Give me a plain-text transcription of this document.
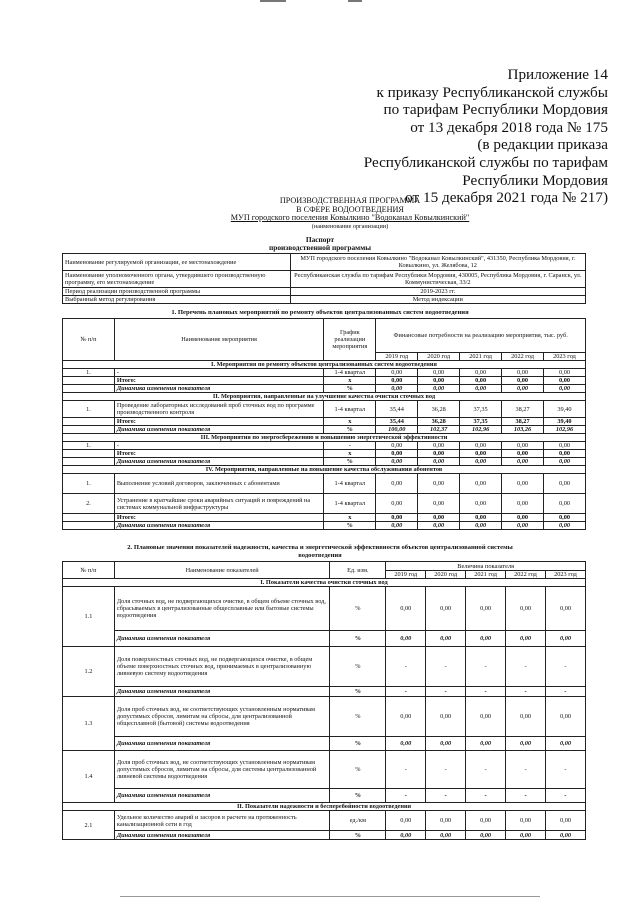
Приложение 14
к приказу Республиканской службы
по тарифам Республики Мордовия
от 13 декабря 2018 года № 175
(в редакции приказа
Республиканской службы по тарифам
Республики Мордовия
от 15 декабря 2021 года № 217)
ПРОИЗВОДСТВЕННАЯ ПРОГРАММА
В СФЕРЕ ВОДООТВЕДЕНИЯ
МУП городского поселения Ковылкино "Водоканал Ковылкинский"
(наименование организации)
Паспорт
производственной программы
Наименование регулируемой организации, ее местонахождение	МУП городского поселения Ковылкино "Водоканал Ковылкинский", 431350, Республика Мордовия, г. Ковылкино, ул. Желябова, 12
Наименование уполномоченного органа, утвердившего производственную программу, его местонахождение	Республиканская служба по тарифам Республики Мордовия, 430005, Республика Мордовия, г. Саранск, ул. Коммунистическая, 33/2
Период реализации производственной программы	2019-2023 гг.
Выбранный метод регулирования	Метод индексации
1. Перечень плановых мероприятий по ремонту объектов централизованных систем водоотведения
№ п/п	Наименование мероприятия	График реализации мероприятия	Финансовые потребности на реализацию мероприятия, тыс. руб.				
			2019 год	2020 год	2021 год	2022 год	2023 год
I. Мероприятия по ремонту объектов централизованных систем водоотведения							
1.	-	1-4 квартал	0,00	0,00	0,00	0,00	0,00
	Итого:	х	0,00	0,00	0,00	0,00	0,00
	Динамика изменения показателя	%	0,00	0,00	0,00	0,00	0,00
II. Мероприятия, направленные на улучшение качества очистки сточных вод							
1.	Проведение лабораторных исследований проб сточных вод по программе производственного контроля	1-4 квартал	35,44	36,28	37,35	38,27	39,40
	Итого:	х	35,44	36,28	37,35	38,27	39,40
	Динамика изменения показателя	%	100,00	102,37	102,96	103,26	102,96
III. Мероприятия по энергосбережению и повышению энергетической эффективности							
1.	-	-	0,00	0,00	0,00	0,00	0,00
	Итого:	х	0,00	0,00	0,00	0,00	0,00
	Динамика изменения показателя	%	0,00	0,00	0,00	0,00	0,00
IV. Мероприятия, направленные на повышение качества обслуживания абонентов							
1.	Выполнение условий договоров, заключенных с абонентами	1-4 квартал	0,00	0,00	0,00	0,00	0,00
2.	Устранение в кратчайшие сроки аварийных ситуаций и повреждений на системах коммунальной инфраструктуры	1-4 квартал	0,00	0,00	0,00	0,00	0,00
	Итого:	х	0,00	0,00	0,00	0,00	0,00
	Динамика изменения показателя	%	0,00	0,00	0,00	0,00	0,00
2. Плановые значения показателей надежности, качества и энергетической эффективности объектов централизованной системы
водоотведения
№ п/п	Наименование показателей	Ед. изм.	Величина показателя				
			2019 год	2020 год	2021 год	2022 год	2023 год
I. Показатели качества очистки сточных вод							
1.1	Доля сточных вод, не подвергающихся очистке, в общем объеме сточных вод, сбрасываемых в централизованные общесплавные или бытовые системы водоотведения	%	0,00	0,00	0,00	0,00	0,00
	Динамика изменения показателя	%	0,00	0,00	0,00	0,00	0,00
1.2	Доля поверхностных сточных вод, не подвергающихся очистке, в общем объеме поверхностных сточных вод, принимаемых в централизованную ливневую систему водоотведения	%	-	-	-	-	-
	Динамика изменения показателя	%	-	-	-	-	-
1.3	Доля проб сточных вод, не соответствующих установленным нормативам допустимых сбросов, лимитам на сбросы, для централизованной общесплавной (бытовой) системы водоотведения	%	0,00	0,00	0,00	0,00	0,00
	Динамика изменения показателя	%	0,00	0,00	0,00	0,00	0,00
1.4	Доля проб сточных вод, не соответствующих установленным нормативам допустимых сбросов, лимитам на сбросы, для системы централизованной ливневой системы водоотведения	%	-	-	-	-	-
	Динамика изменения показателя	%	-	-	-	-	-
II. Показатели надежности и бесперебойности водоотведения							
2.1	Удельное количество аварий и засоров в расчете на протяженность канализационной сети в год	ед./км	0,00	0,00	0,00	0,00	0,00
	Динамика изменения показателя	%	0,00	0,00	0,00	0,00	0,00
